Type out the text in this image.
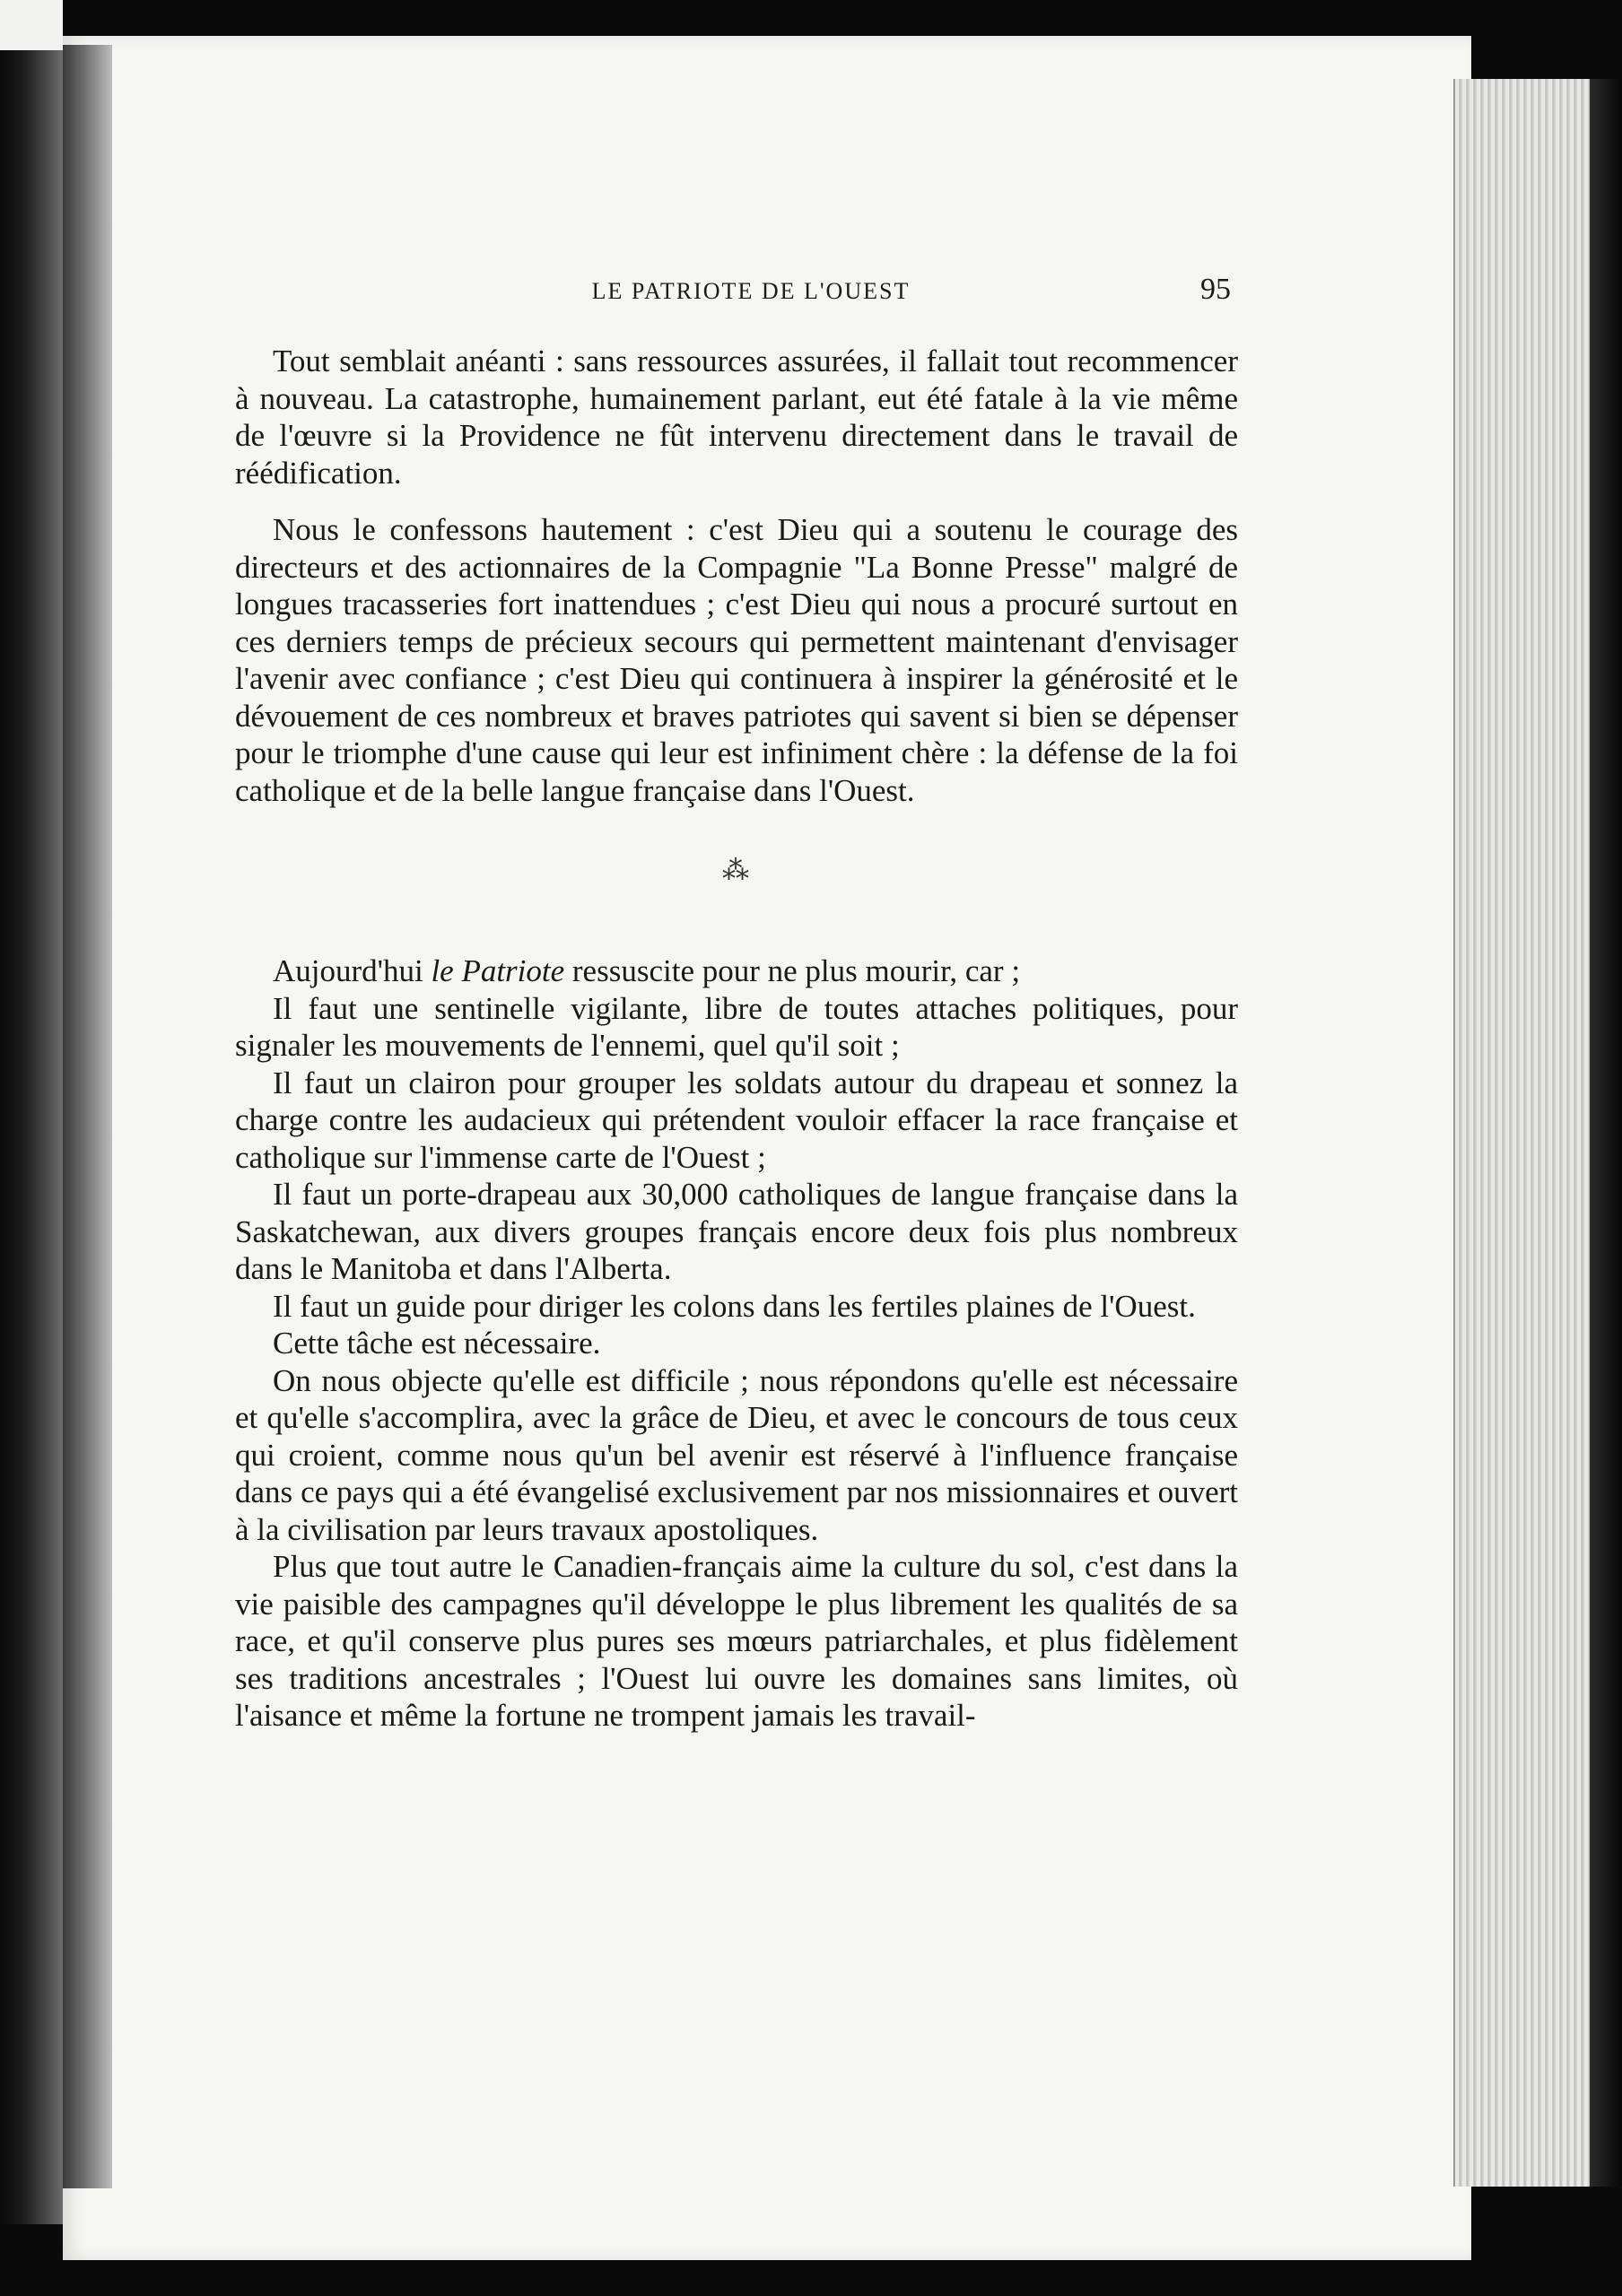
LE PATRIOTE DE L'OUEST	95

Tout semblait anéanti : sans ressources assurées, il fallait tout recommencer à nouveau. La catastrophe, humainement parlant, eut été fatale à la vie même de l'œuvre si la Providence ne fût intervenu directement dans le travail de réédification.

Nous le confessons hautement : c'est Dieu qui a soutenu le courage des directeurs et des actionnaires de la Compagnie "La Bonne Presse" malgré de longues tracasseries fort inattendues ; c'est Dieu qui nous a procuré surtout en ces derniers temps de précieux secours qui permettent maintenant d'envisager l'avenir avec confiance ; c'est Dieu qui continuera à inspirer la générosité et le dévouement de ces nombreux et braves patriotes qui savent si bien se dépenser pour le triomphe d'une cause qui leur est infiniment chère : la défense de la foi catholique et de la belle langue française dans l'Ouest.

⁂

Aujourd'hui le Patriote ressuscite pour ne plus mourir, car ;

Il faut une sentinelle vigilante, libre de toutes attaches politiques, pour signaler les mouvements de l'ennemi, quel qu'il soit ;

Il faut un clairon pour grouper les soldats autour du drapeau et sonnez la charge contre les audacieux qui prétendent vouloir effacer la race française et catholique sur l'immense carte de l'Ouest ;

Il faut un porte-drapeau aux 30,000 catholiques de langue française dans la Saskatchewan, aux divers groupes français encore deux fois plus nombreux dans le Manitoba et dans l'Alberta.

Il faut un guide pour diriger les colons dans les fertiles plaines de l'Ouest.

Cette tâche est nécessaire.

On nous objecte qu'elle est difficile ; nous répondons qu'elle est nécessaire et qu'elle s'accomplira, avec la grâce de Dieu, et avec le concours de tous ceux qui croient, comme nous qu'un bel avenir est réservé à l'influence française dans ce pays qui a été évangelisé exclusivement par nos missionnaires et ouvert à la civilisation par leurs travaux apostoliques.

Plus que tout autre le Canadien-français aime la culture du sol, c'est dans la vie paisible des campagnes qu'il développe le plus librement les qualités de sa race, et qu'il conserve plus pures ses mœurs patriarchales, et plus fidèlement ses traditions ancestrales ; l'Ouest lui ouvre les domaines sans limites, où l'aisance et même la fortune ne trompent jamais les travail-
